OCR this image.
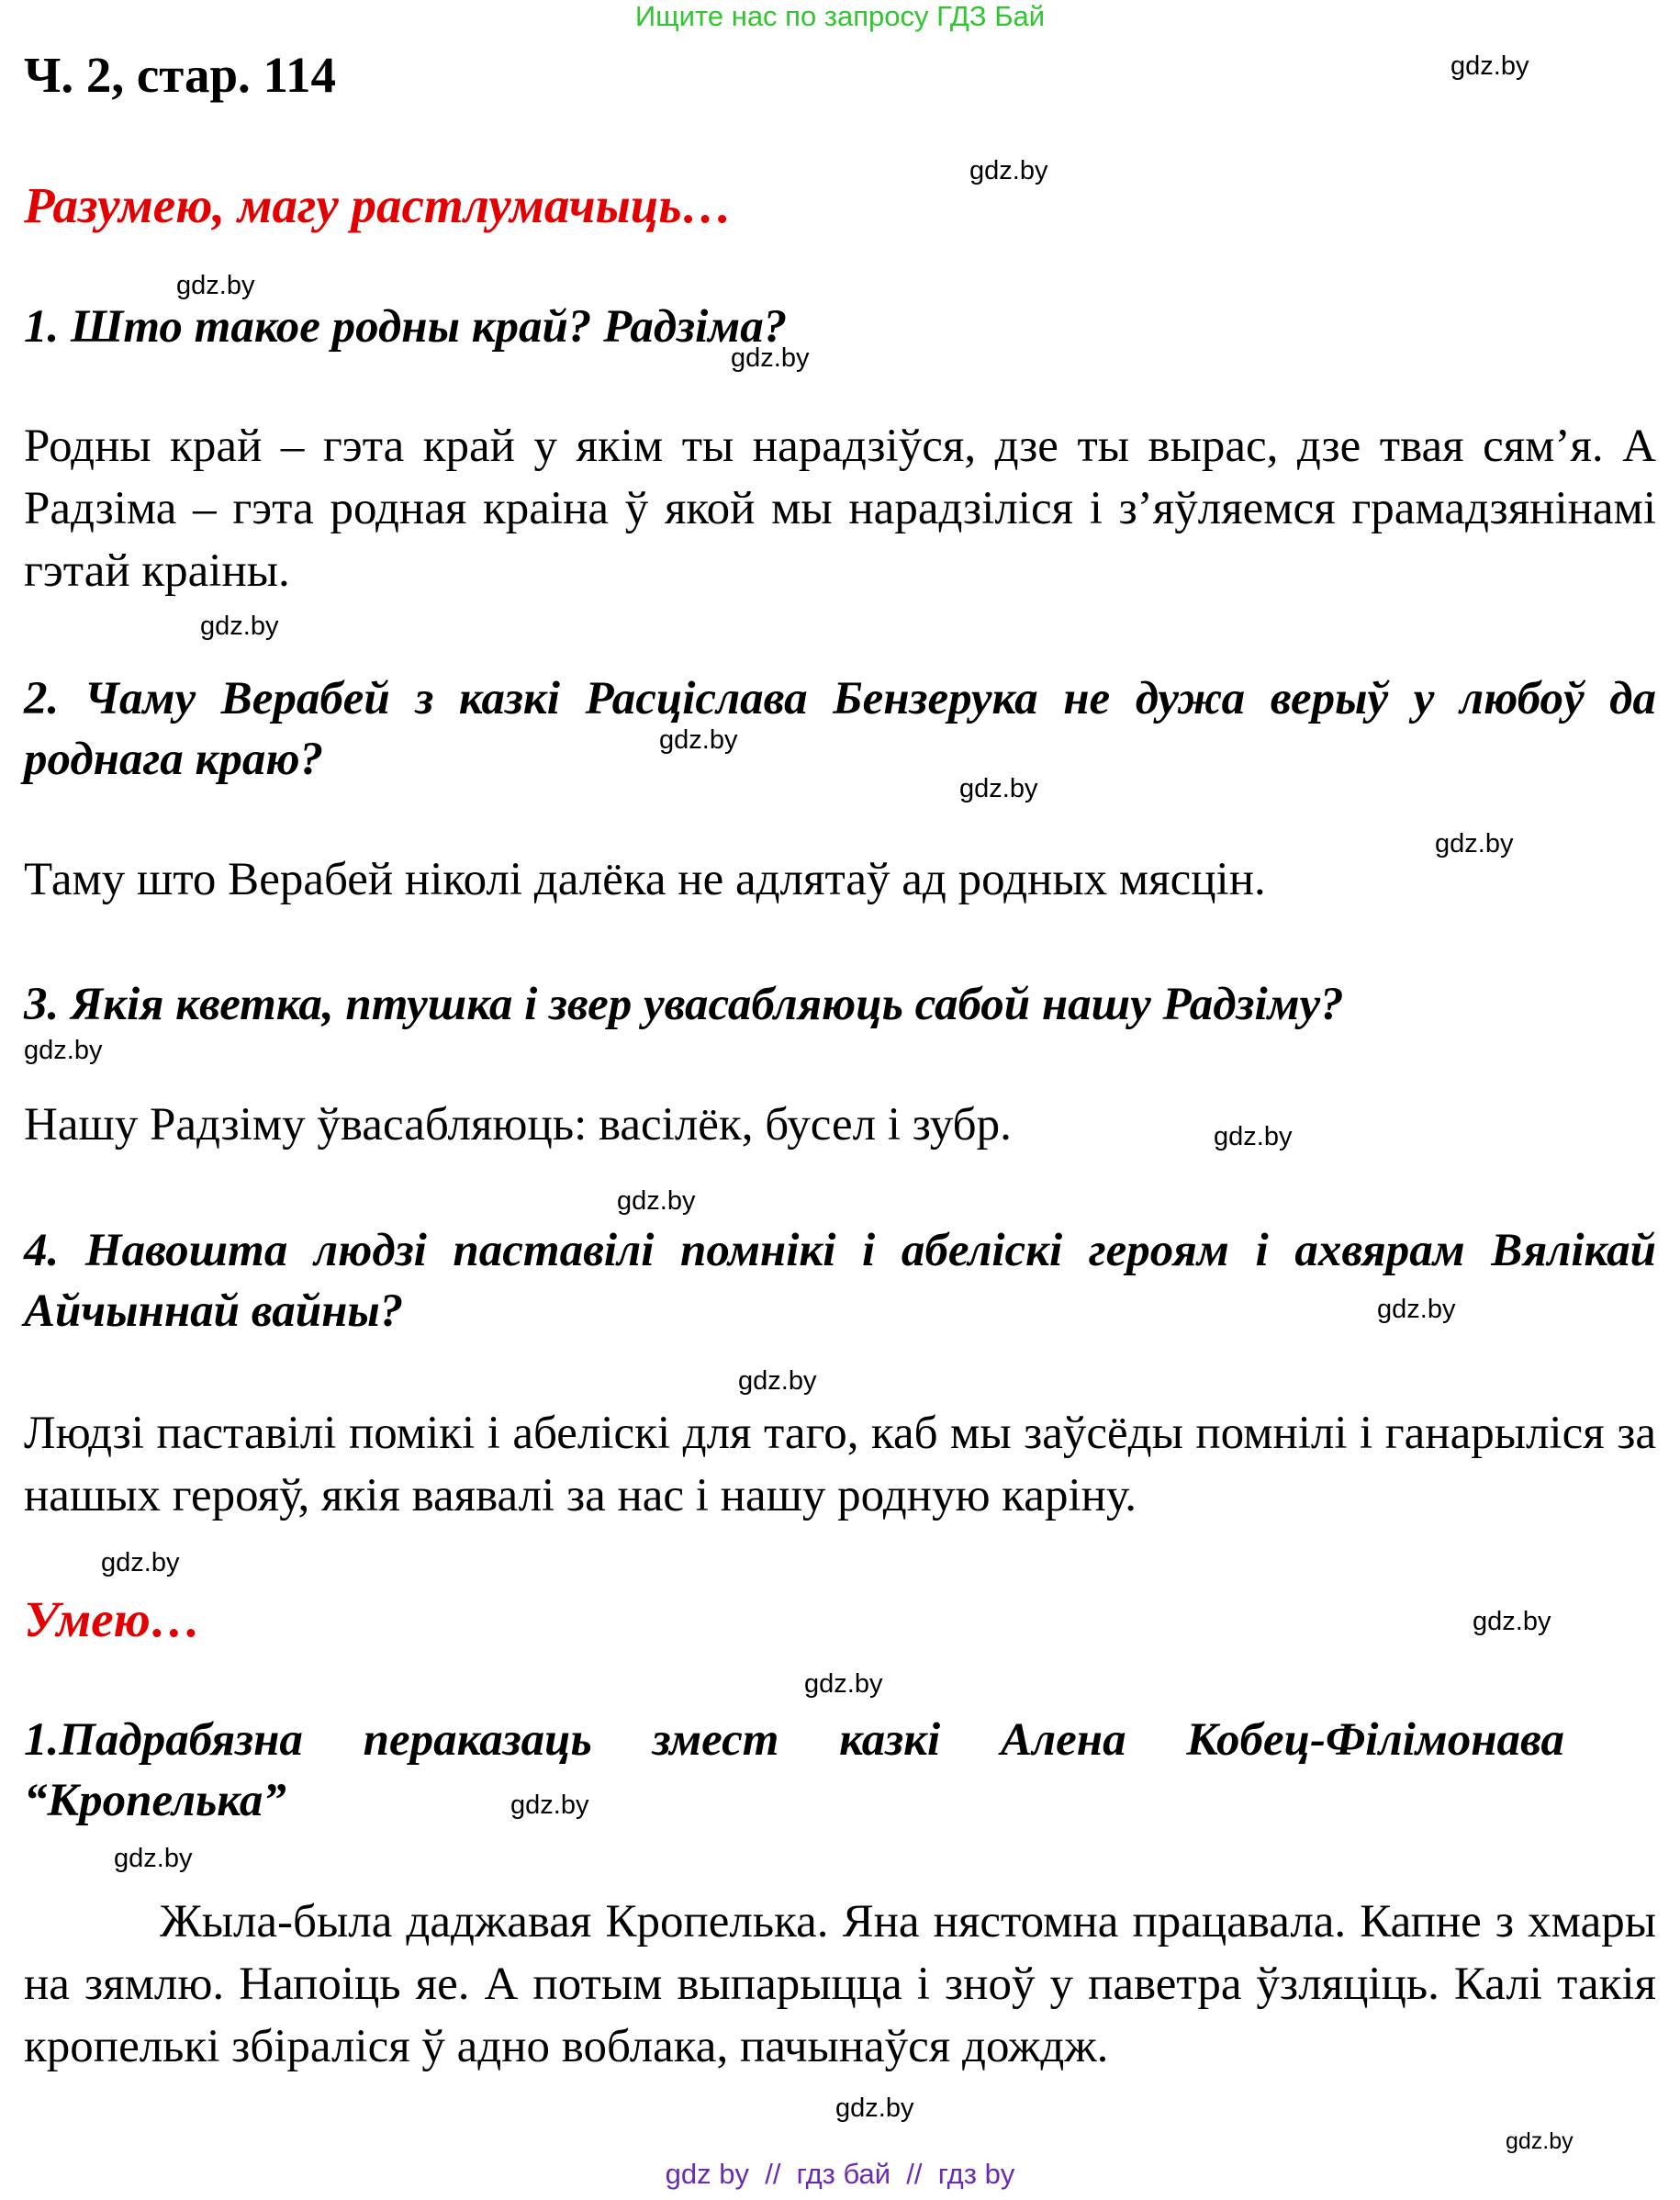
Ищите нас по запросу ГДЗ Бай
Ч. 2, стар. 114
Разумею, магу растлумачыць…
1. Што такое родны край? Радзіма?
Родны край – гэта край у якім ты нарадзіўся, дзе ты вырас, дзе твая сям’я. А Радзіма – гэта родная краіна ў якой мы нарадзіліся і з’яўляемся грамадзянінамі гэтай краіны.
2. Чаму Верабей з казкі Расціслава Бензерука не дужа верыў у любоў да роднага краю?
Таму што Верабей ніколі далёка не адлятаў ад родных мясцін.
3. Якія кветка, птушка і звер увасабляюць сабой нашу Радзіму?
Нашу Радзіму ўвасабляюць: васілёк, бусел і зубр.
4. Навошта людзі паставілі помнікі і абеліскі героям і ахвярам Вялікай Айчыннай вайны?
Людзі паставілі помікі і абеліскі для таго, каб мы заўсёды помнілі і ганарыліся за нашых герояў, якія ваявалі за нас і нашу родную каріну.
Умею…
1.Падрабязна пераказаць змест казкі Алена Кобец-Філімонава “Кропелька”
Жыла-была даджавая Кропелька. Яна нястомна працавала. Капне з хмары на зямлю. Напоіць яе. А потым выпарыцца і зноў у паветра ўзляціць. Калі такія кропелькі збіраліся ў адно воблака, пачынаўся дождж.
gdz.by
gdz.by
gdz.by
gdz.by
gdz.by
gdz.by
gdz.by
gdz.by
gdz.by
gdz.by
gdz.by
gdz.by
gdz.by
gdz.by
gdz.by
gdz.by
gdz.by
gdz.by
gdz.by
gdz.by
gdz by  //  гдз бай  //  гдз by
